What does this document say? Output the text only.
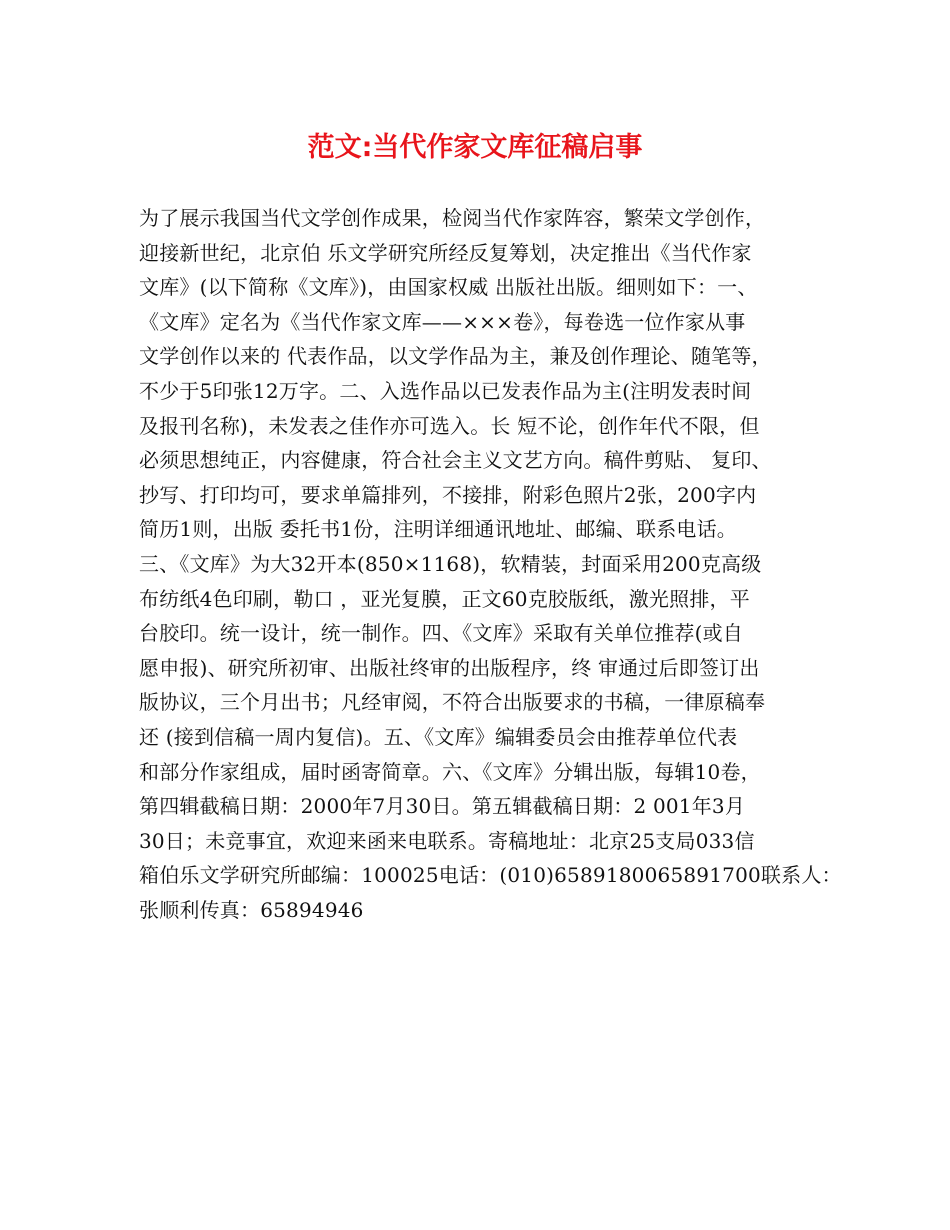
范文:当代作家文库征稿启事
为了展示我国当代文学创作成果，检阅当代作家阵容，繁荣文学创作，
迎接新世纪，北京伯 乐文学研究所经反复筹划，决定推出《当代作家
文库》(以下简称《文库》)，由国家权威 出版社出版。细则如下：一、
《文库》定名为《当代作家文库——×××卷》，每卷选一位作家从事
文学创作以来的 代表作品，以文学作品为主，兼及创作理论、随笔等，
不少于5印张12万字。二、入选作品以已发表作品为主(注明发表时间
及报刊名称)，未发表之佳作亦可选入。长 短不论，创作年代不限，但
必须思想纯正，内容健康，符合社会主义文艺方向。稿件剪贴、 复印、
抄写、打印均可，要求单篇排列，不接排，附彩色照片2张，200字内
简历1则，出版 委托书1份，注明详细通讯地址、邮编、联系电话。
三、《文库》为大32开本(850×1168)，软精装，封面采用200克高级
布纺纸4色印刷，勒口 ，亚光复膜，正文60克胶版纸，激光照排，平
台胶印。统一设计，统一制作。四、《文库》采取有关单位推荐(或自
愿申报)、研究所初审、出版社终审的出版程序，终 审通过后即签订出
版协议，三个月出书；凡经审阅，不符合出版要求的书稿，一律原稿奉
还 (接到信稿一周内复信)。五、《文库》编辑委员会由推荐单位代表
和部分作家组成，届时函寄简章。六、《文库》分辑出版，每辑10卷，
第四辑截稿日期：2000年7月30日。第五辑截稿日期：2 001年3月
30日；未竞事宜，欢迎来函来电联系。寄稿地址：北京25支局033信
箱伯乐文学研究所邮编：100025电话：(010)6589180065891700联系人：
张顺利传真：65894946
